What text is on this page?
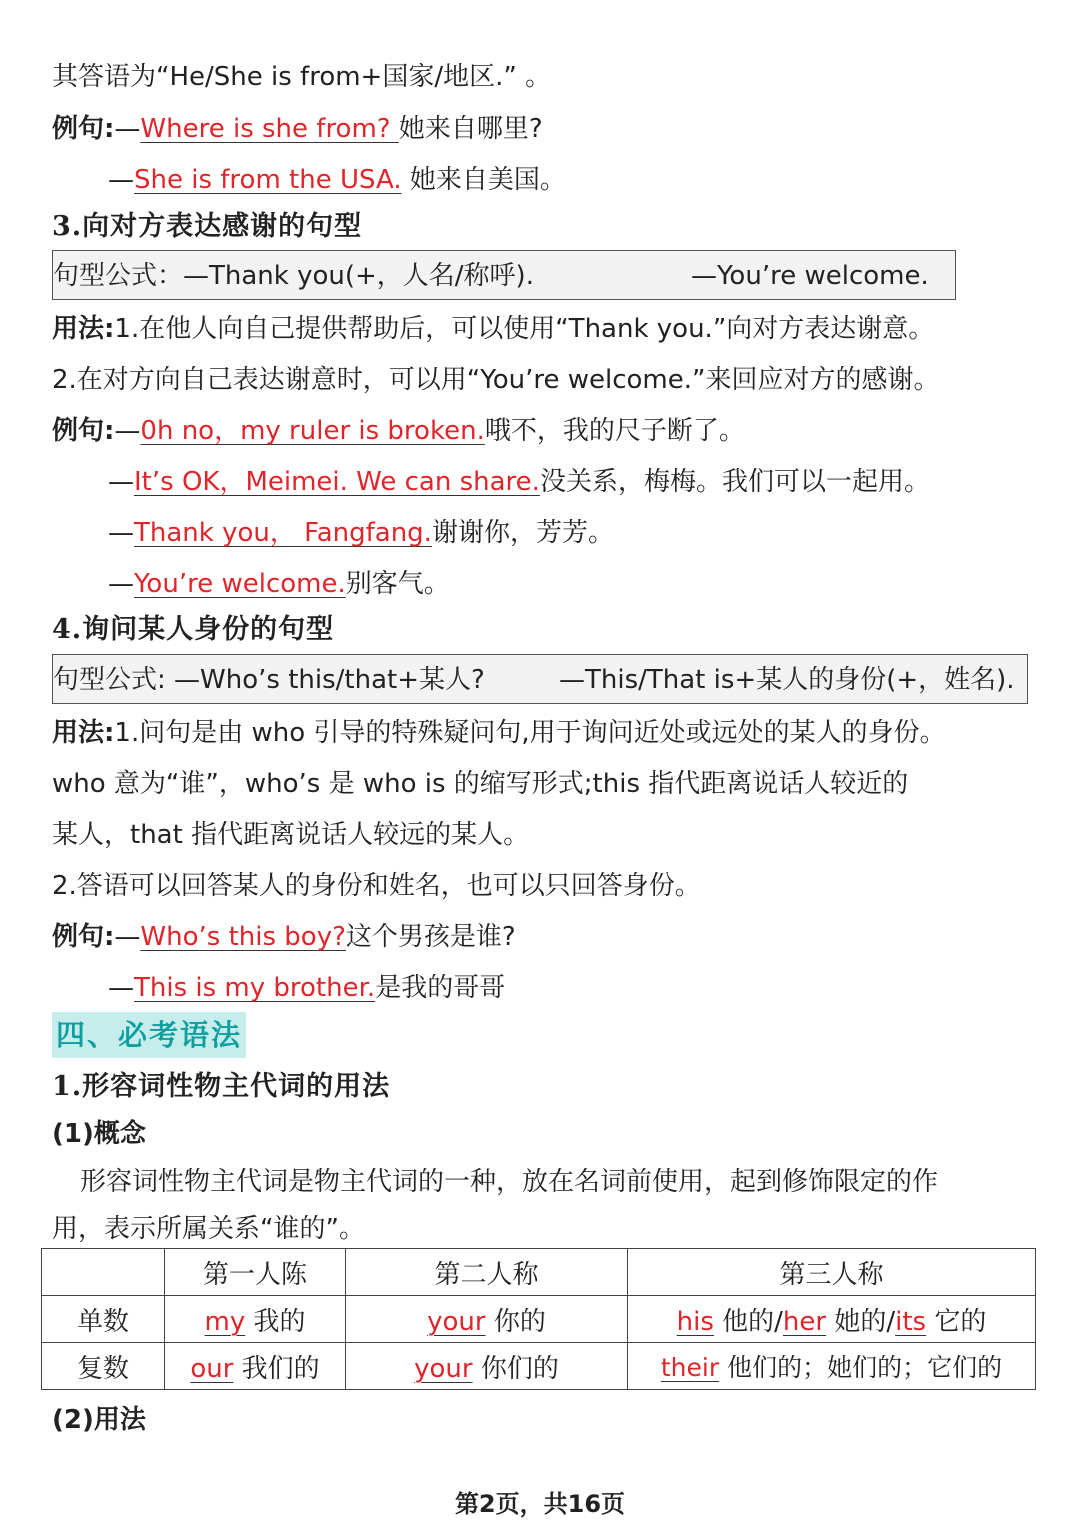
其答语为“He/She is from+国家/地区.” 。
例句:—Where is she from? 她来自哪里?
—She is from the USA. 她来自美国。
3.向对方表达感谢的句型
句型公式：—Thank you(+，人名/称呼).	—You’re welcome.
用法:1.在他人向自己提供帮助后，可以使用“Thank you.”向对方表达谢意。
2.在对方向自己表达谢意时，可以用“You’re welcome.”来回应对方的感谢。
例句:—0h no，my ruler is broken.哦不，我的尺子断了。
—It’s OK，Meimei. We can share.没关系，梅梅。我们可以一起用。
—Thank you， Fangfang.谢谢你，芳芳。
—You’re welcome.别客气。
4.询问某人身份的句型
句型公式: —Who’s this/that+某人?	—This/That is+某人的身份(+，姓名).
用法:1.问句是由 who 引导的特殊疑问句,用于询问近处或远处的某人的身份。
who 意为“谁”，who’s 是 who is 的缩写形式;this 指代距离说话人较近的
某人，that 指代距离说话人较远的某人。
2.答语可以回答某人的身份和姓名，也可以只回答身份。
例句:—Who’s this boy?这个男孩是谁?
—This is my brother.是我的哥哥
四、必考语法
1.形容词性物主代词的用法
(1)概念
形容词性物主代词是物主代词的一种，放在名词前使用，起到修饰限定的作
用，表示所属关系“谁的”。
	第一人陈	第二人称	第三人称
单数	my 我的	your 你的	his 他的/her 她的/its 它的
复数	our 我们的	your 你们的	their 他们的；她们的；它们的
(2)用法
第2页，共16页
